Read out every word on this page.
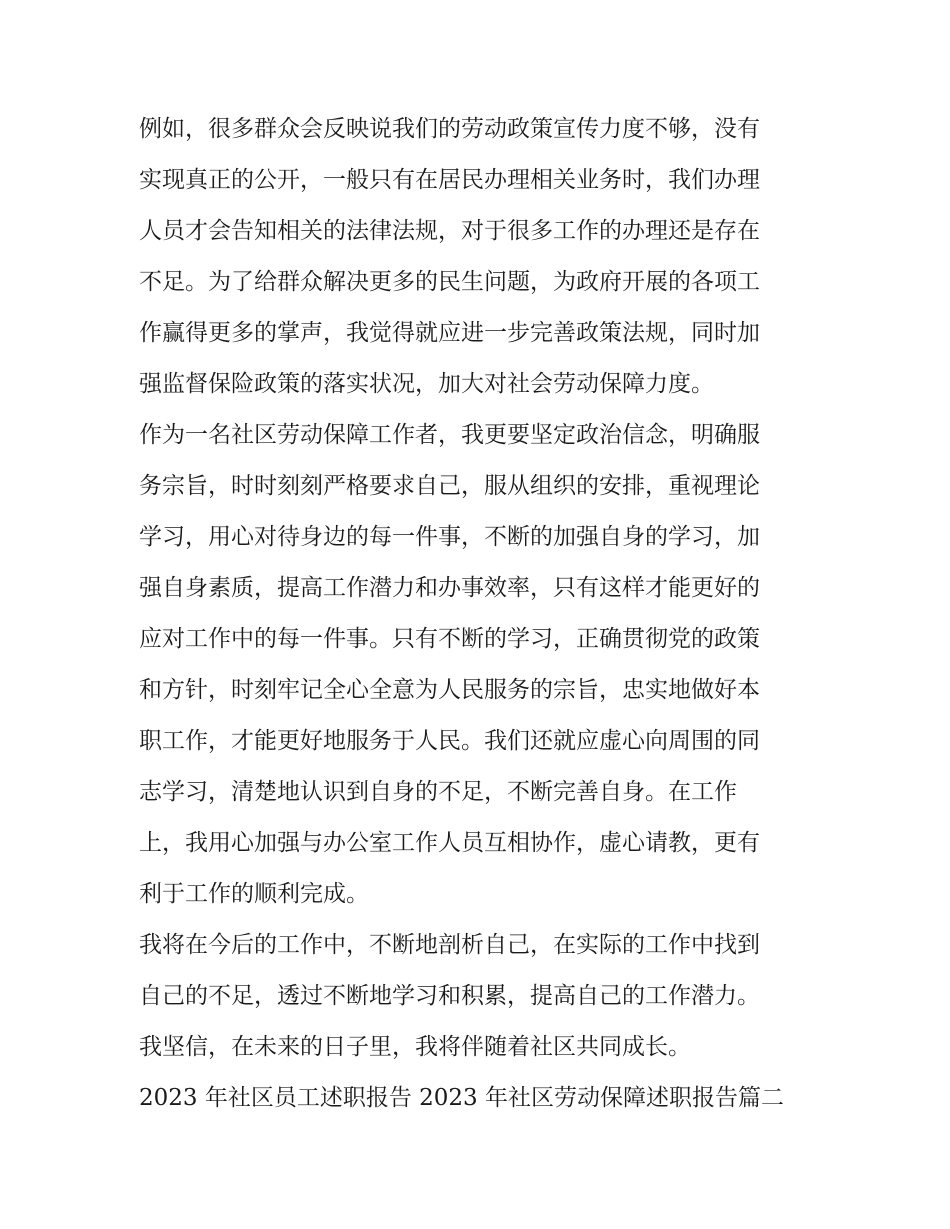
例如，很多群众会反映说我们的劳动政策宣传力度不够，没有
实现真正的公开，一般只有在居民办理相关业务时，我们办理
人员才会告知相关的法律法规，对于很多工作的办理还是存在
不足。为了给群众解决更多的民生问题，为政府开展的各项工
作赢得更多的掌声，我觉得就应进一步完善政策法规，同时加
强监督保险政策的落实状况，加大对社会劳动保障力度。

作为一名社区劳动保障工作者，我更要坚定政治信念，明确服
务宗旨，时时刻刻严格要求自己，服从组织的安排，重视理论
学习，用心对待身边的每一件事，不断的加强自身的学习，加
强自身素质，提高工作潜力和办事效率，只有这样才能更好的
应对工作中的每一件事。只有不断的学习，正确贯彻党的政策
和方针，时刻牢记全心全意为人民服务的宗旨，忠实地做好本
职工作，才能更好地服务于人民。我们还就应虚心向周围的同
志学习，清楚地认识到自身的不足，不断完善自身。在工作
上，我用心加强与办公室工作人员互相协作，虚心请教，更有
利于工作的顺利完成。

我将在今后的工作中，不断地剖析自己，在实际的工作中找到
自己的不足，透过不断地学习和积累，提高自己的工作潜力。
我坚信，在未来的日子里，我将伴随着社区共同成长。

2023 年社区员工述职报告 2023 年社区劳动保障述职报告篇二
